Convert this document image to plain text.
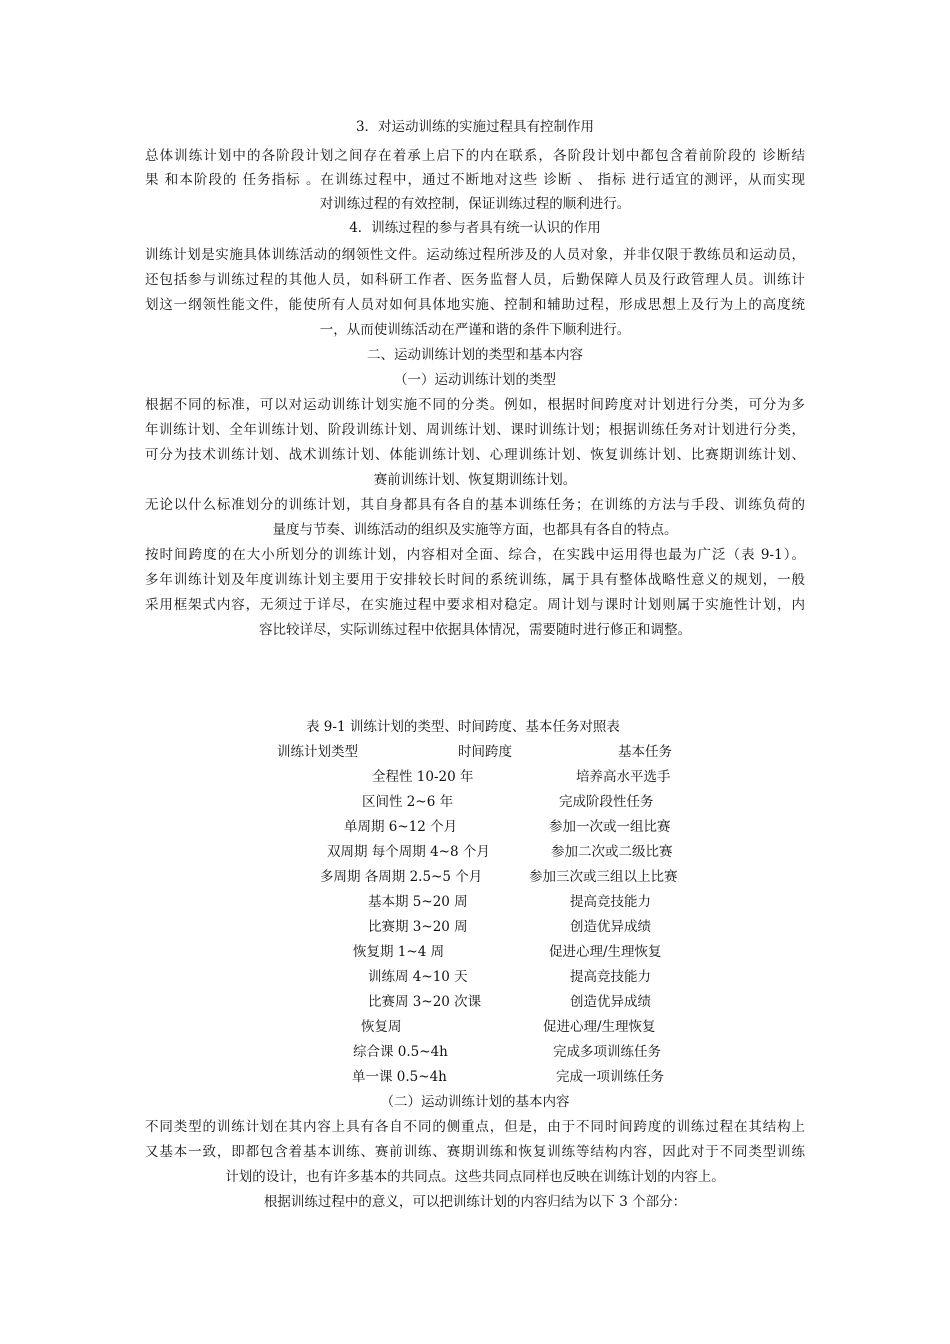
3．对运动训练的实施过程具有控制作用
总体训练计划中的各阶段计划之间存在着承上启下的内在联系，各阶段计划中都包含着前阶段的 诊断结
果 和本阶段的 任务指标 。在训练过程中，通过不断地对这些 诊断 、 指标 进行适宜的测评，从而实现
对训练过程的有效控制，保证训练过程的顺利进行。
4．训练过程的参与者具有统一认识的作用
训练计划是实施具体训练活动的纲领性文件。运动练过程所涉及的人员对象，并非仅限于教练员和运动员，
还包括参与训练过程的其他人员，如科研工作者、医务监督人员，后勤保障人员及行政管理人员。训练计
划这一纲领性能文件，能使所有人员对如何具体地实施、控制和辅助过程，形成思想上及行为上的高度统
一，从而使训练活动在严谨和谐的条件下顺利进行。
二、运动训练计划的类型和基本内容
（一）运动训练计划的类型
根据不同的标准，可以对运动训练计划实施不同的分类。例如，根据时间跨度对计划进行分类，可分为多
年训练计划、全年训练计划、阶段训练计划、周训练计划、课时训练计划；根据训练任务对计划进行分类，
可分为技术训练计划、战术训练计划、体能训练计划、心理训练计划、恢复训练计划、比赛期训练计划、
赛前训练计划、恢复期训练计划。
无论以什么标准划分的训练计划，其自身都具有各自的基本训练任务；在训练的方法与手段、训练负荷的
量度与节奏、训练活动的组织及实施等方面，也都具有各自的特点。
按时间跨度的在大小所划分的训练计划，内容相对全面、综合，在实践中运用得也最为广泛（表 9-1）。
多年训练计划及年度训练计划主要用于安排较长时间的系统训练，属于具有整体战略性意义的规划，一般
采用框架式内容，无须过于详尽，在实施过程中要求相对稳定。周计划与课时计划则属于实施性计划，内
容比较详尽，实际训练过程中依据具体情况，需要随时进行修正和调整。
表 9-1 训练计划的类型、时间跨度、基本任务对照表
训练计划类型	时间跨度	基本任务
全程性 10-20 年	培养高水平选手
区间性 2~6 年	完成阶段性任务
单周期 6~12 个月	参加一次或一组比赛
双周期 每个周期 4~8 个月	参加二次或二级比赛
多周期 各周期 2.5~5 个月	参加三次或三组以上比赛
基本期 5~20 周	提高竞技能力
比赛期 3~20 周	创造优异成绩
恢复期 1~4 周	促进心理/生理恢复
训练周 4~10 天	提高竞技能力
比赛周 3~20 次课	创造优异成绩
恢复周	促进心理/生理恢复
综合课 0.5~4h	完成多项训练任务
单一课 0.5~4h	完成一项训练任务
（二）运动训练计划的基本内容
不同类型的训练计划在其内容上具有各自不同的侧重点，但是，由于不同时间跨度的训练过程在其结构上
又基本一致，即都包含着基本训练、赛前训练、赛期训练和恢复训练等结构内容，因此对于不同类型训练
计划的设计，也有许多基本的共同点。这些共同点同样也反映在训练计划的内容上。
根据训练过程中的意义，可以把训练计划的内容归结为以下 3 个部分：
